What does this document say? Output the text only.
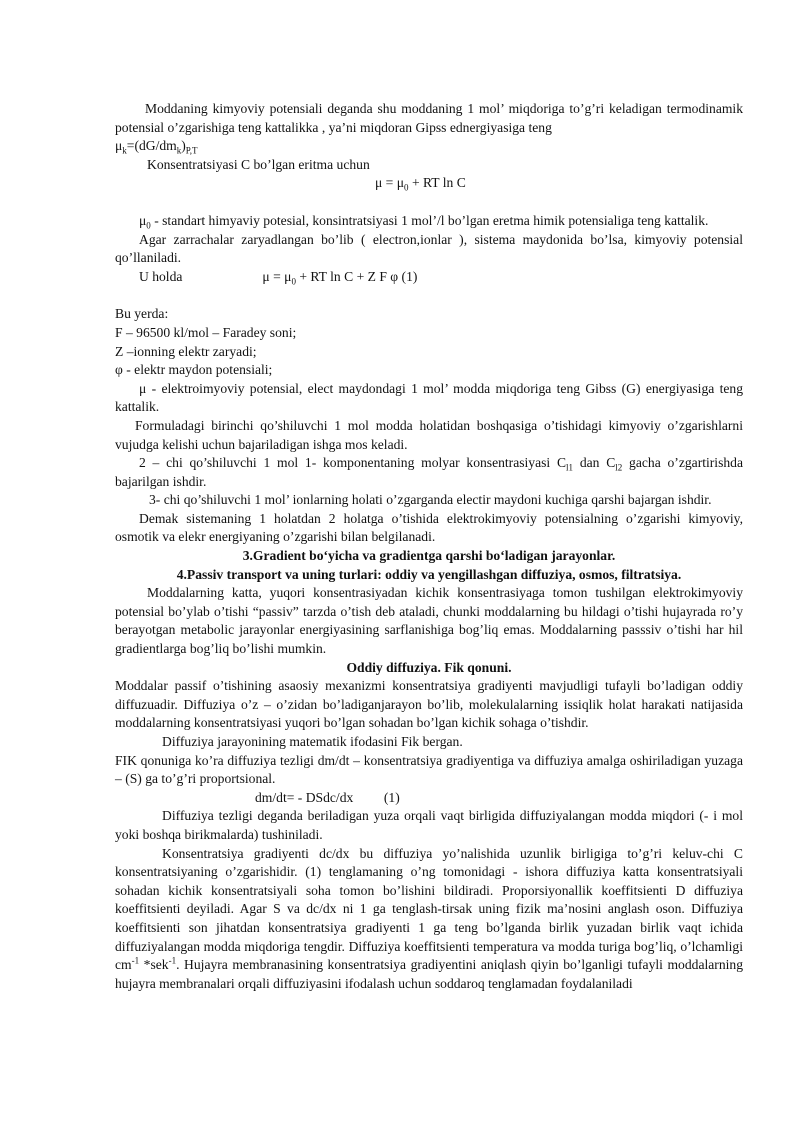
Moddaning kimyoviy potensiali deganda shu moddaning 1 mol’ miqdoriga to’g’ri keladigan termodinamik potensial o’zgarishiga teng kattalikka , ya’ni miqdoran Gipss ednergiyasiga teng
$\mu_k=(dG/dm_k)_{P,T}$

Konsentratsiyasi C bo’lgan eritma uchun

$\mu = \mu_0$ + RT ln C

$\mu_0$ - standart himyaviy potesial, konsintratsiyasi 1 mol’/l bo’lgan eretma himik potensialiga teng kattalik.

Agar zarrachalar zaryadlangan bo’lib ( electron,ionlar ), sistema maydonida bo’lsa, kimyoviy potensial qo’llaniladi.

U holda	$\mu = \mu_0$ + RT ln C + Z F φ (1)

Bu yerda:

F – 96500 kl/mol – Faradey soni;

Z –ionning elektr zaryadi;

φ - elektr maydon potensiali;

μ - elektroimyoviy potensial, elect maydondagi 1 mol’ modda miqdoriga teng Gibss (G) energiyasiga teng kattalik.

Formuladagi birinchi qo’shiluvchi 1 mol modda holatidan boshqasiga o’tishidagi kimyoviy o’zgarishlarni vujudga kelishi uchun bajariladigan ishga mos keladi.

2 – chi qo’shiluvchi 1 mol 1- komponentaning molyar konsentrasiyasi $C_{l1}$ dan $C_{l2}$ gacha o’zgartirishda bajarilgan ishdir.

3- chi qo’shiluvchi 1 mol’ ionlarning holati o’zgarganda electir maydoni kuchiga qarshi bajargan ishdir.

Demak sistemaning 1 holatdan 2 holatga o’tishida elektrokimyoviy potensialning o’zgarishi kimyoviy, osmotik va elekr energiyaning o’zgarishi bilan belgilanadi.

3.Gradient bo‘yicha va gradientga qarshi bo‘ladigan jarayonlar.

4.Passiv transport va uning turlari: oddiy va yengillashgan diffuziya, osmos, filtratsiya.

Moddalarning katta, yuqori konsentrasiyadan kichik konsentrasiyaga tomon tushilgan elektrokimyoviy potensial bo’ylab o’tishi “passiv” tarzda o’tish deb ataladi, chunki moddalarning bu hildagi o’tishi hujayrada ro’y berayotgan metabolic jarayonlar energiyasining sarflanishiga bog’liq emas. Moddalarning passsiv o’tishi har hil gradientlarga bog’liq bo’lishi mumkin.

Oddiy diffuziya. Fik qonuni.

Moddalar passif o’tishining asaosiy mexanizmi konsentratsiya gradiyenti mavjudligi tufayli bo’ladigan oddiy diffuzuadir. Diffuziya o’z – o’zidan bo’ladiganjarayon bo’lib, molekulalarning issiqlik holat harakati natijasida moddalarning konsentratsiyasi yuqori bo’lgan sohadan bo’lgan kichik sohaga o’tishdir.

Diffuziya jarayonining matematik ifodasini Fik bergan.

FIK qonuniga ko’ra diffuziya tezligi dm/dt – konsentratsiya gradiyentiga va diffuziya amalga oshiriladigan yuzaga – (S) ga to’g’ri proportsional.

dm/dt= - DSdc/dx         (1)

Diffuziya tezligi deganda beriladigan yuza orqali vaqt birligida diffuziyalangan modda miqdori (- i mol yoki boshqa birikmalarda) tushiniladi.

Konsentratsiya gradiyenti dc/dx bu diffuziya yo’nalishida uzunlik birligiga to’g’ri keluv-chi C konsentratsiyaning o’zgarishidir. (1) tenglamaning o’ng tomonidagi - ishora diffuziya katta konsentratsiyali sohadan kichik konsentratsiyali soha tomon bo’lishini bildiradi. Proporsiyonallik koeffitsienti D diffuziya koeffitsienti deyiladi. Agar S va dc/dx ni 1 ga tenglash-tirsak uning fizik ma’nosini anglash oson. Diffuziya koeffitsienti son jihatdan konsentratsiya gradiyenti 1 ga teng bo’lganda birlik yuzadan birlik vaqt ichida diffuziyalangan modda miqdoriga tengdir. Diffuziya koeffitsienti temperatura va modda turiga bog’liq, o’lchamligi $cm^{-1}$ *sek$^{-1}$. Hujayra membranasining konsentratsiya gradiyentini aniqlash qiyin bo’lganligi tufayli moddalarning hujayra membranalari orqali diffuziyasini ifodalash uchun soddaroq tenglamadan foydalaniladi
